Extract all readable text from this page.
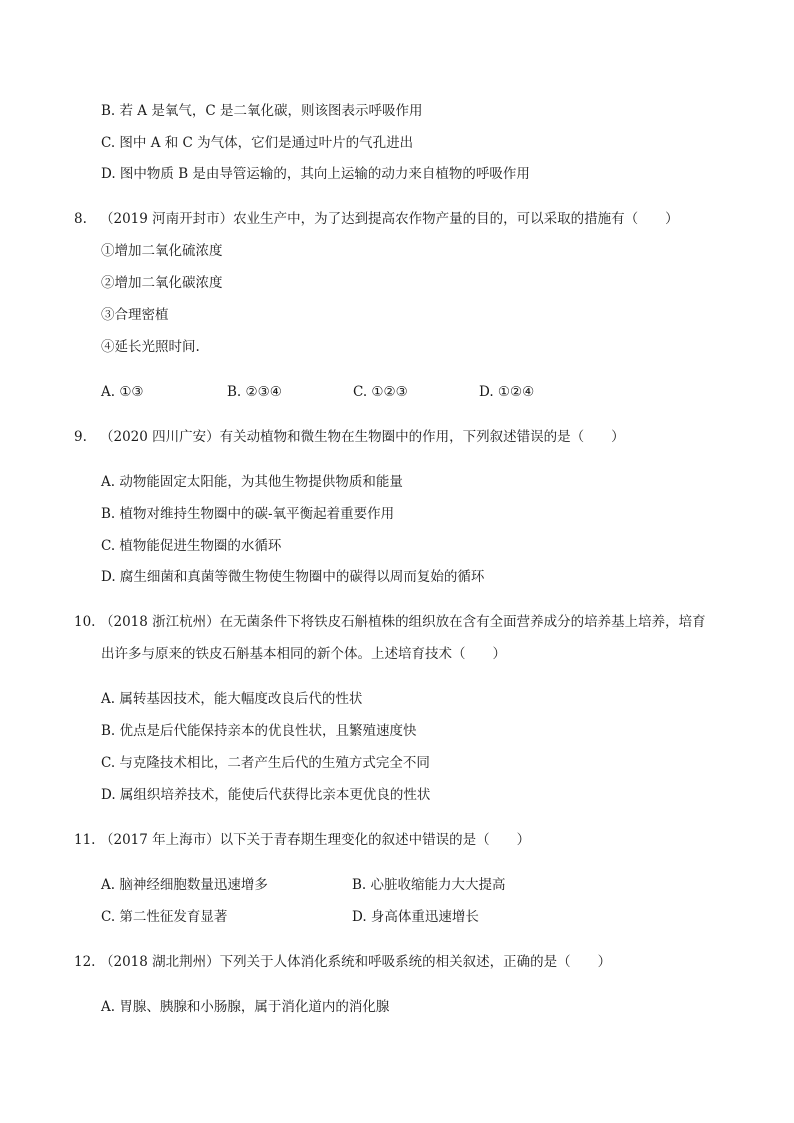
B. 若 A 是氧气，C 是二氧化碳，则该图表示呼吸作用
C. 图中 A 和 C 为气体，它们是通过叶片的气孔进出
D. 图中物质 B 是由导管运输的，其向上运输的动力来自植物的呼吸作用
8. （2019 河南开封市）农业生产中，为了达到提高农作物产量的目的，可以采取的措施有（　　）
①增加二氧化硫浓度
②增加二氧化碳浓度
③合理密植
④延长光照时间.
A. ①③	B. ②③④	C. ①②③	D. ①②④
9. （2020 四川广安）有关动植物和微生物在生物圈中的作用，下列叙述错误的是（　　）
A. 动物能固定太阳能，为其他生物提供物质和能量
B. 植物对维持生物圈中的碳-氧平衡起着重要作用
C. 植物能促进生物圈的水循环
D. 腐生细菌和真菌等微生物使生物圈中的碳得以周而复始的循环
10. （2018 浙江杭州）在无菌条件下将铁皮石斛植株的组织放在含有全面营养成分的培养基上培养，培育
出许多与原来的铁皮石斛基本相同的新个体。上述培育技术（　　）
A. 属转基因技术，能大幅度改良后代的性状
B. 优点是后代能保持亲本的优良性状，且繁殖速度快
C. 与克隆技术相比，二者产生后代的生殖方式完全不同
D. 属组织培养技术，能使后代获得比亲本更优良的性状
11. （2017 年上海市）以下关于青春期生理变化的叙述中错误的是（　　）
A. 脑神经细胞数量迅速增多	B. 心脏收缩能力大大提高
C. 第二性征发育显著	D. 身高体重迅速增长
12. （2018 湖北荆州）下列关于人体消化系统和呼吸系统的相关叙述，正确的是（　　）
A. 胃腺、胰腺和小肠腺，属于消化道内的消化腺
